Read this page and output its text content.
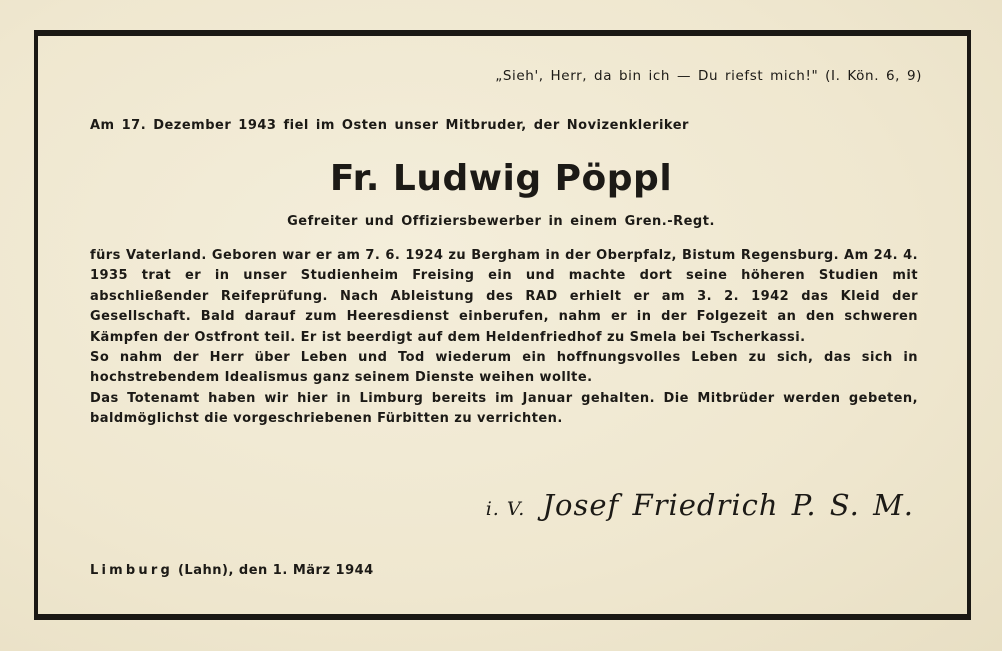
„Sieh', Herr, da bin ich — Du riefst mich!" (I. Kön. 6, 9)
Am 17. Dezember 1943 fiel im Osten unser Mitbruder, der Novizenkleriker
Fr. Ludwig Pöppl
Gefreiter und Offiziersbewerber in einem Gren.-Regt.

fürs Vaterland. Geboren war er am 7. 6. 1924 zu Bergham in der Oberpfalz, Bistum Regensburg. Am 24. 4. 1935 trat er in unser Studienheim Freising ein und machte dort seine höheren Studien mit abschließender Reifeprüfung. Nach Ableistung des RAD erhielt er am 3. 2. 1942 das Kleid der Gesellschaft. Bald darauf zum Heeresdienst einberufen, nahm er in der Folgezeit an den schweren Kämpfen der Ostfront teil. Er ist beerdigt auf dem Heldenfriedhof zu Smela bei Tscherkassi.

So nahm der Herr über Leben und Tod wiederum ein hoffnungsvolles Leben zu sich, das sich in hochstrebendem Idealismus ganz seinem Dienste weihen wollte.

Das Totenamt haben wir hier in Limburg bereits im Januar gehalten. Die Mitbrüder werden gebeten, baldmöglichst die vorgeschriebenen Fürbitten zu verrichten.

i. V. Josef Friedrich P. S. M.
Limburg (Lahn), den 1. März 1944
